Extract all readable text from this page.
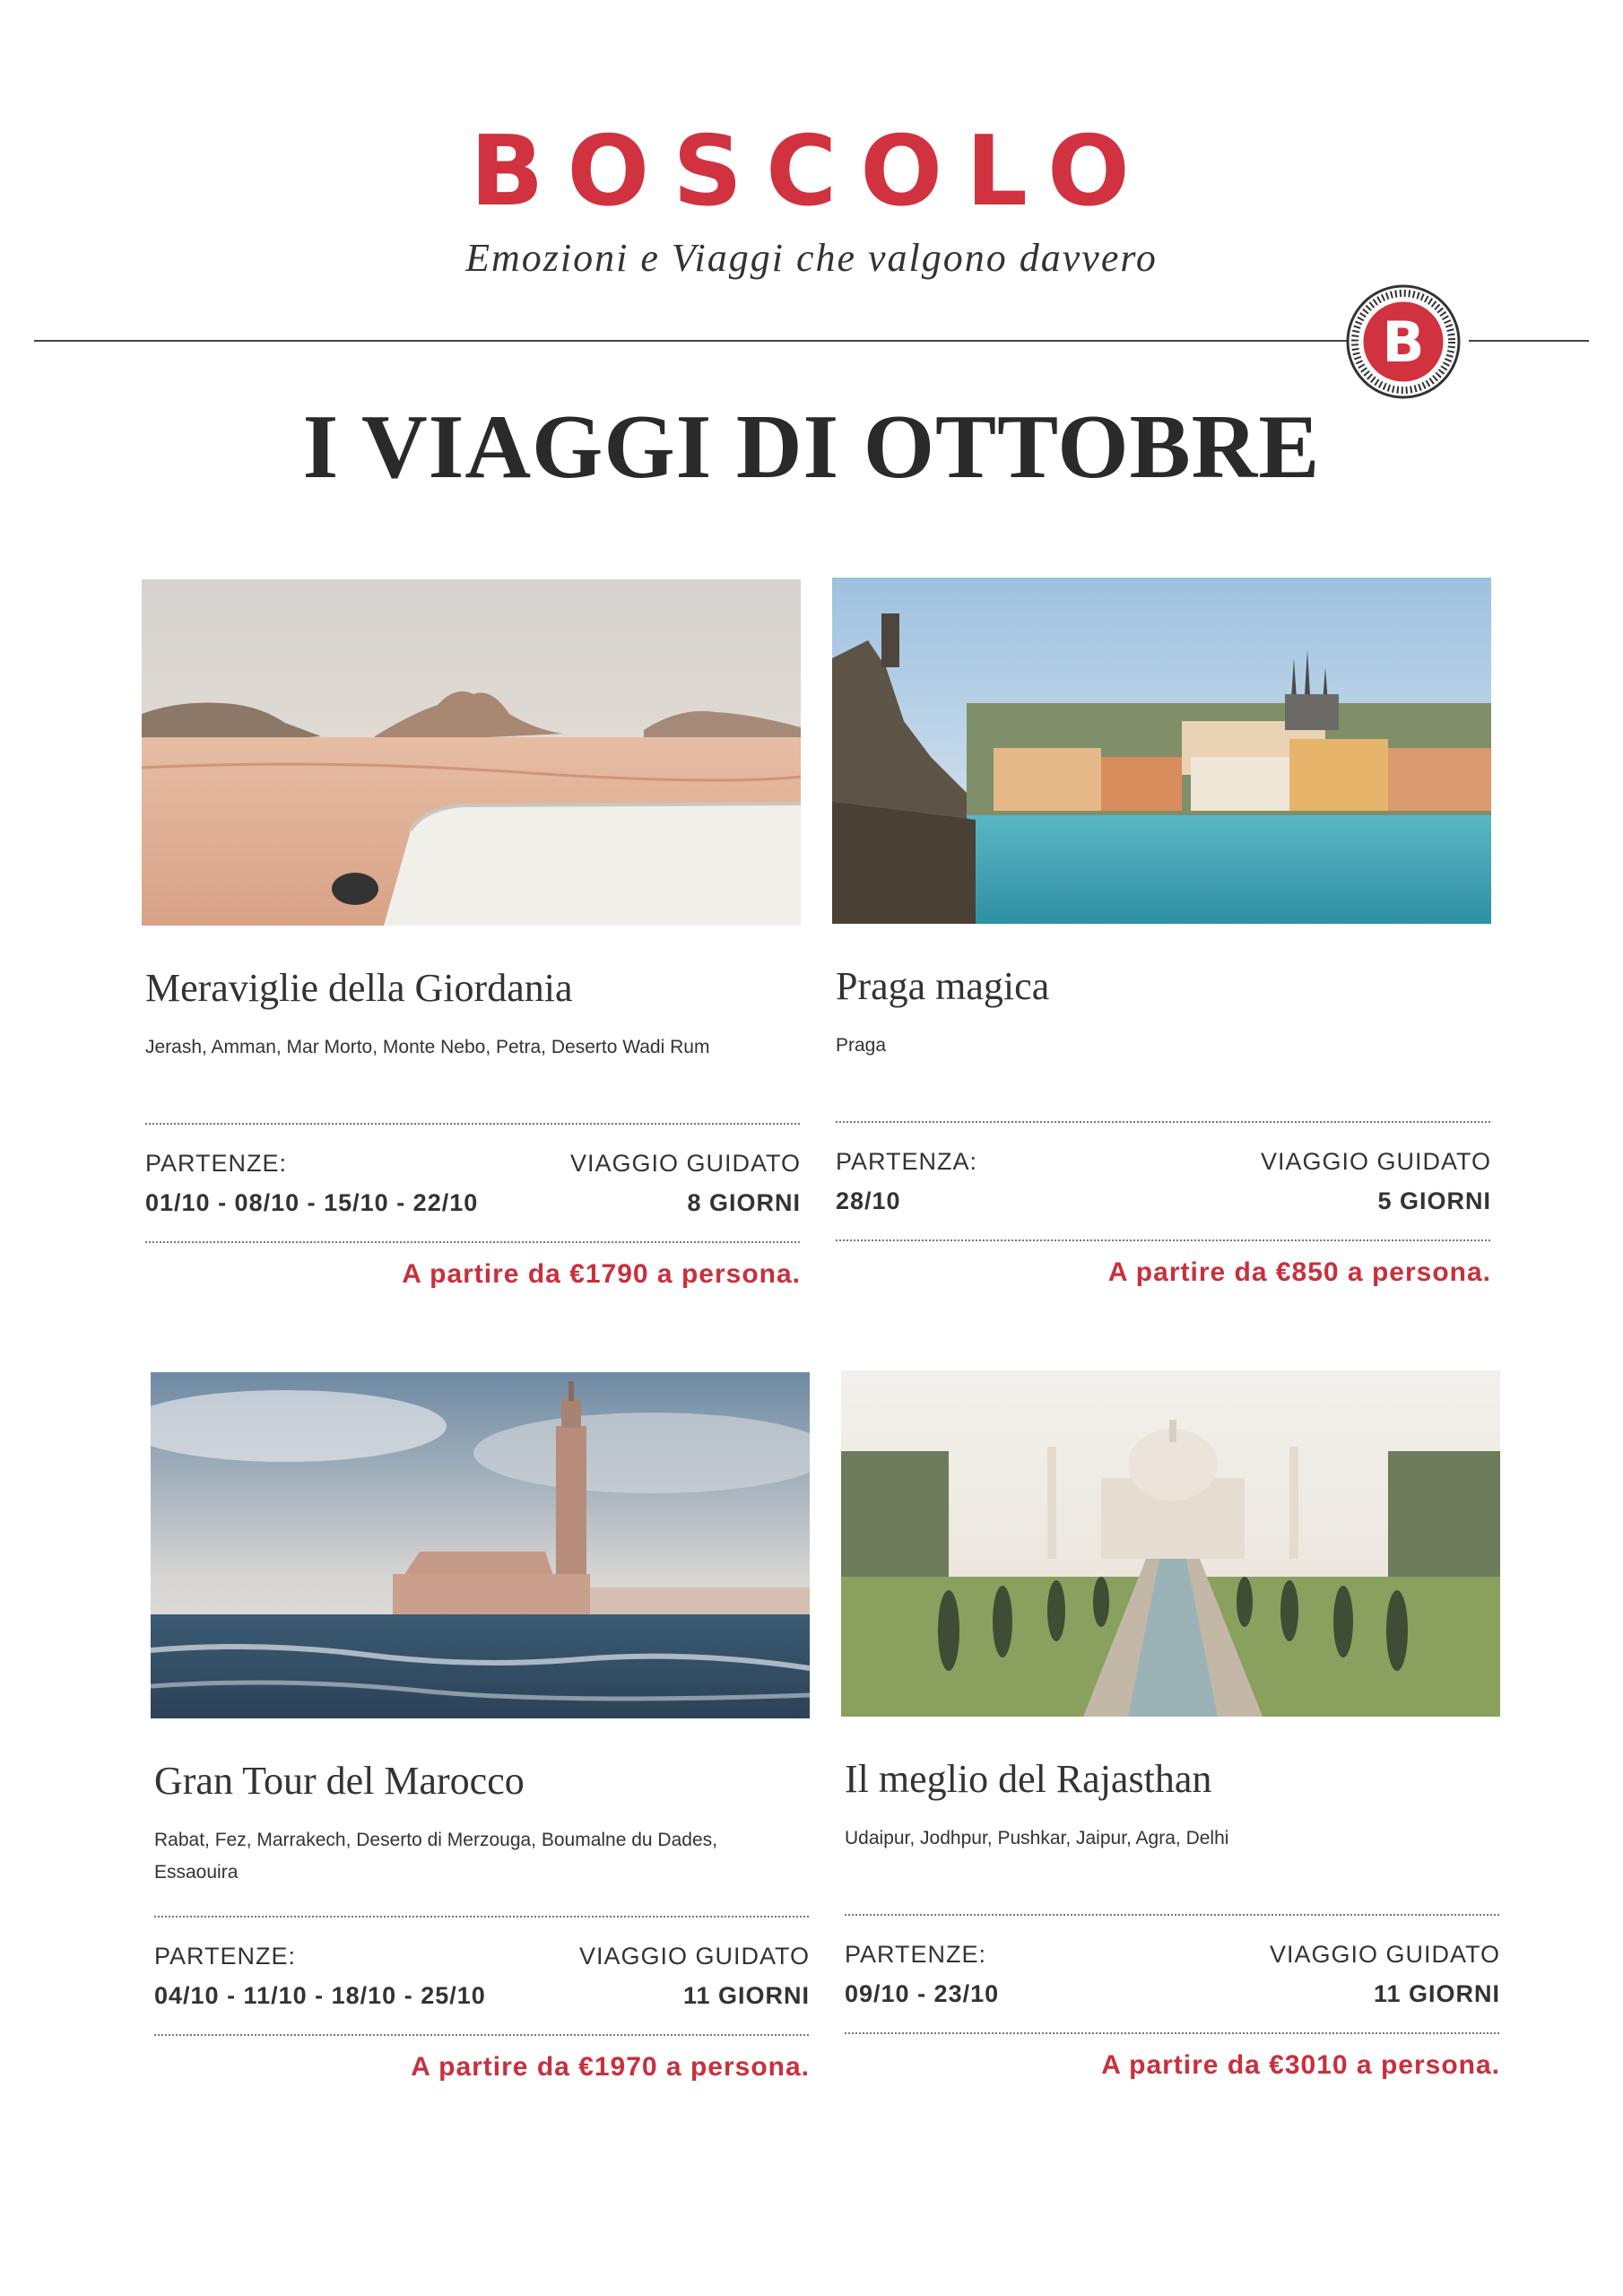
BOSCOLO
Emozioni e Viaggi che valgono davvero
B
I VIAGGI DI OTTOBRE
Meraviglie della Giordania
Jerash, Amman, Mar Morto, Monte Nebo, Petra, Deserto Wadi Rum
PARTENZE:
01/10 - 08/10 - 15/10 - 22/10
VIAGGIO GUIDATO
8 GIORNI
A partire da €1790 a persona.
Praga magica
Praga
PARTENZA:
28/10
VIAGGIO GUIDATO
5 GIORNI
A partire da €850 a persona.
Gran Tour del Marocco
Rabat, Fez, Marrakech, Deserto di Merzouga, Boumalne du Dades, Essaouira
PARTENZE:
04/10 - 11/10 - 18/10 - 25/10
VIAGGIO GUIDATO
11 GIORNI
A partire da €1970 a persona.
Il meglio del Rajasthan
Udaipur, Jodhpur, Pushkar, Jaipur, Agra, Delhi
PARTENZE:
09/10 - 23/10
VIAGGIO GUIDATO
11 GIORNI
A partire da €3010 a persona.
